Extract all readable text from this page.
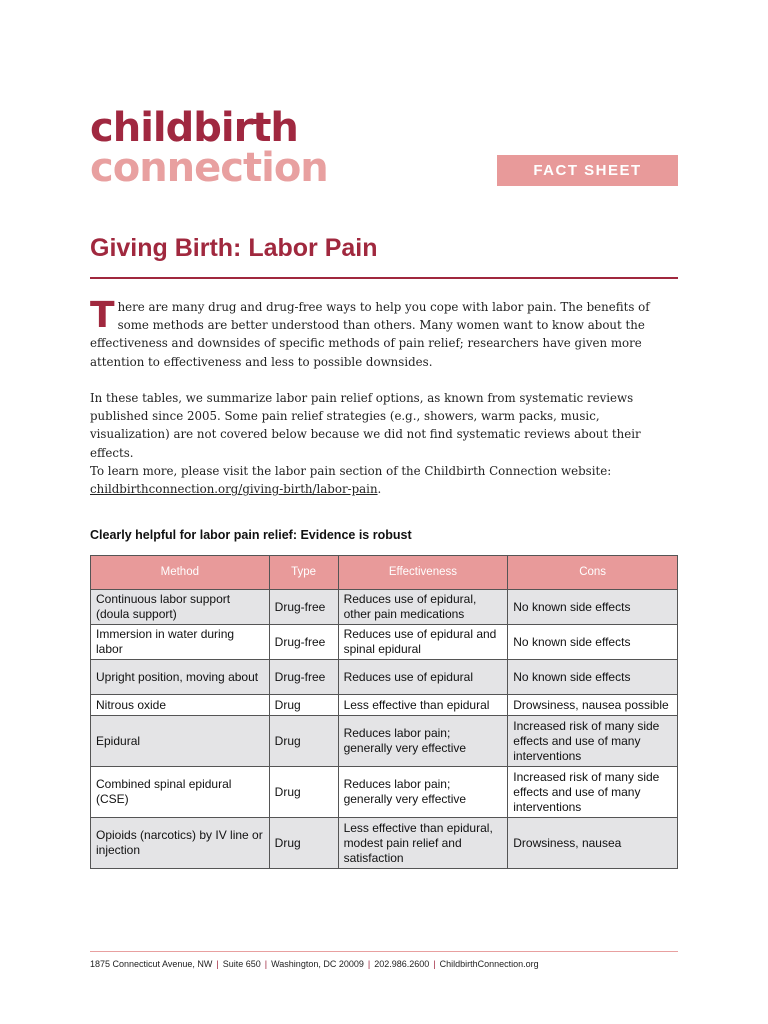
childbirth
connection	FACT SHEET
Giving Birth: Labor Pain
There are many drug and drug-free ways to help you cope with labor pain. The benefits of some methods are better understood than others. Many women want to know about the effectiveness and downsides of specific methods of pain relief; researchers have given more attention to effectiveness and less to possible downsides.
In these tables, we summarize labor pain relief options, as known from systematic reviews published since 2005. Some pain relief strategies (e.g., showers, warm packs, music, visualization) are not covered below because we did not find systematic reviews about their effects.
To learn more, please visit the labor pain section of the Childbirth Connection website:
childbirthconnection.org/giving-birth/labor-pain.
Clearly helpful for labor pain relief: Evidence is robust
Method	Type	Effectiveness	Cons
Continuous labor support (doula support)	Drug-free	Reduces use of epidural, other pain medications	No known side effects
Immersion in water during labor	Drug-free	Reduces use of epidural and spinal epidural	No known side effects
Upright position, moving about	Drug-free	Reduces use of epidural	No known side effects
Nitrous oxide	Drug	Less effective than epidural	Drowsiness, nausea possible
Epidural	Drug	Reduces labor pain; generally very effective	Increased risk of many side effects and use of many interventions
Combined spinal epidural (CSE)	Drug	Reduces labor pain; generally very effective	Increased risk of many side effects and use of many interventions
Opioids (narcotics) by IV line or injection	Drug	Less effective than epidural, modest pain relief and satisfaction	Drowsiness, nausea
1875 Connecticut Avenue, NW | Suite 650 | Washington, DC 20009 | 202.986.2600 | ChildbirthConnection.org
